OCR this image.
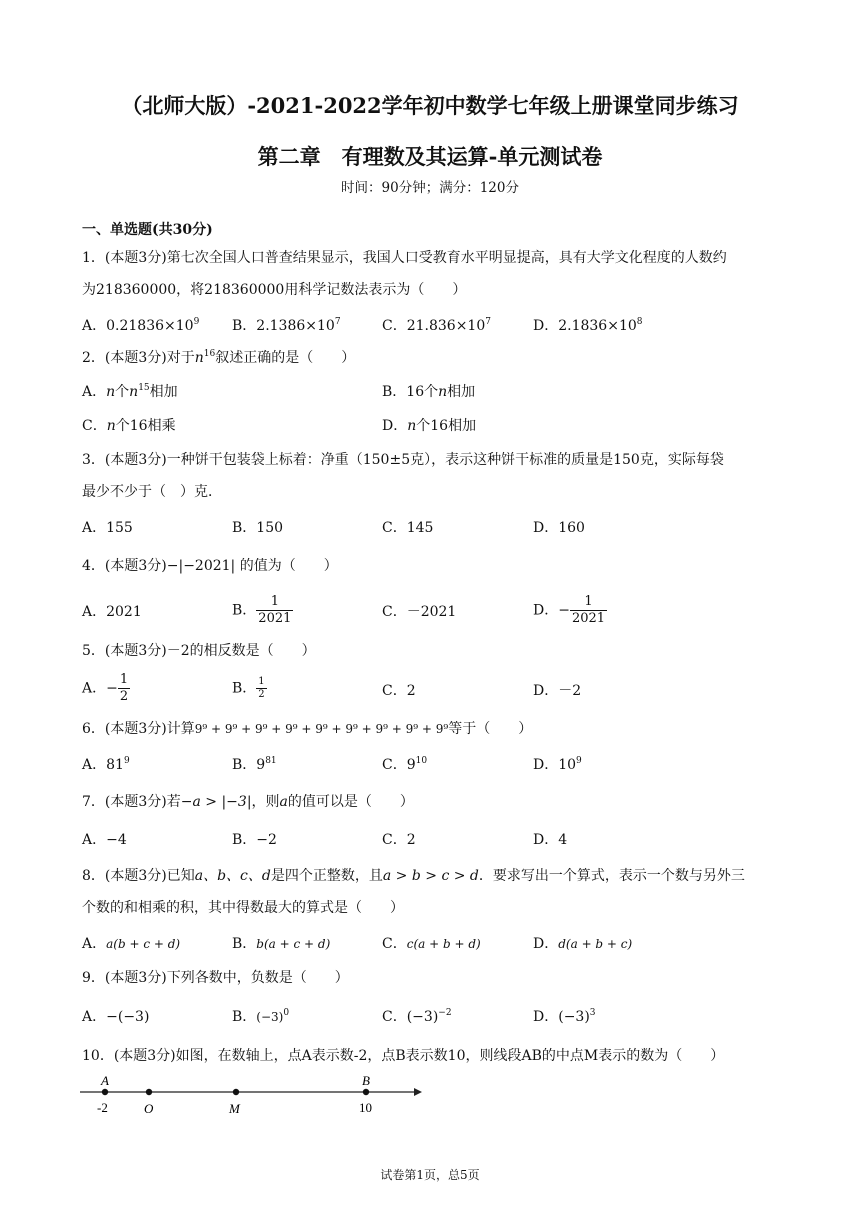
（北师大版）-2021-2022学年初中数学七年级上册课堂同步练习
第二章　有理数及其运算-单元测试卷
时间：90分钟；满分：120分
一、单选题(共30分)
1．(本题3分)第七次全国人口普查结果显示，我国人口受教育水平明显提高，具有大学文化程度的人数约
为218360000，将218360000用科学记数法表示为（　　）
A．$0.21836\times 10^9$ B．$2.1386\times 10^7$	C．$21.836\times 10^7$	D．$2.1836\times 10^8$
2．(本题3分)对于$n^{16}$叙述正确的是（　　）
A．n个$n^{15}$相加	B．16个n相加
C．n个16相乘	D．n个16相加
3．(本题3分)一种饼干包装袋上标着：净重（150±5克），表示这种饼干标准的质量是150克，实际每袋
最少不少于（　）克．
A．155	B．150	C．145	D．160
4．(本题3分)−|−2021| 的值为（　　）
A．2021	B． $\frac{1}{2021}$	C．－2021	D．− $\frac{1}{2021}$
5．(本题3分)－2的相反数是（　　）
A．− $\frac{1}{2}$	B． $\frac{1}{2}$	C．2	D．－2
6．(本题3分)计算9⁹ + 9⁹ + 9⁹ + 9⁹ + 9⁹ + 9⁹ + 9⁹ + 9⁹ + 9⁹等于（　　）
A．$81^9$	B．$9^{81}$	C．$9^{10}$	D．$10^9$
7．(本题3分)若−a > |−3|，则a的值可以是（　　）
A．−4	B．−2	C．2	D．4
8．(本题3分)已知a、b、c、d是四个正整数，且a > b > c > d．要求写出一个算式，表示一个数与另外三
个数的和相乘的积，其中得数最大的算式是（　　）
A．a(b + c + d)	B．b(a + c + d)	C．c(a + b + d)	D．d(a + b + c)
9．(本题3分)下列各数中，负数是（　　）
A．−(−3)	B．$(-3)^0$	C．$(-3)^{-2}$	D．$(-3)^3$
10．(本题3分)如图，在数轴上，点A表示数-2，点B表示数10，则线段AB的中点M表示的数为（　　）
A	B
-2	O	M	10
试卷第1页，总5页
